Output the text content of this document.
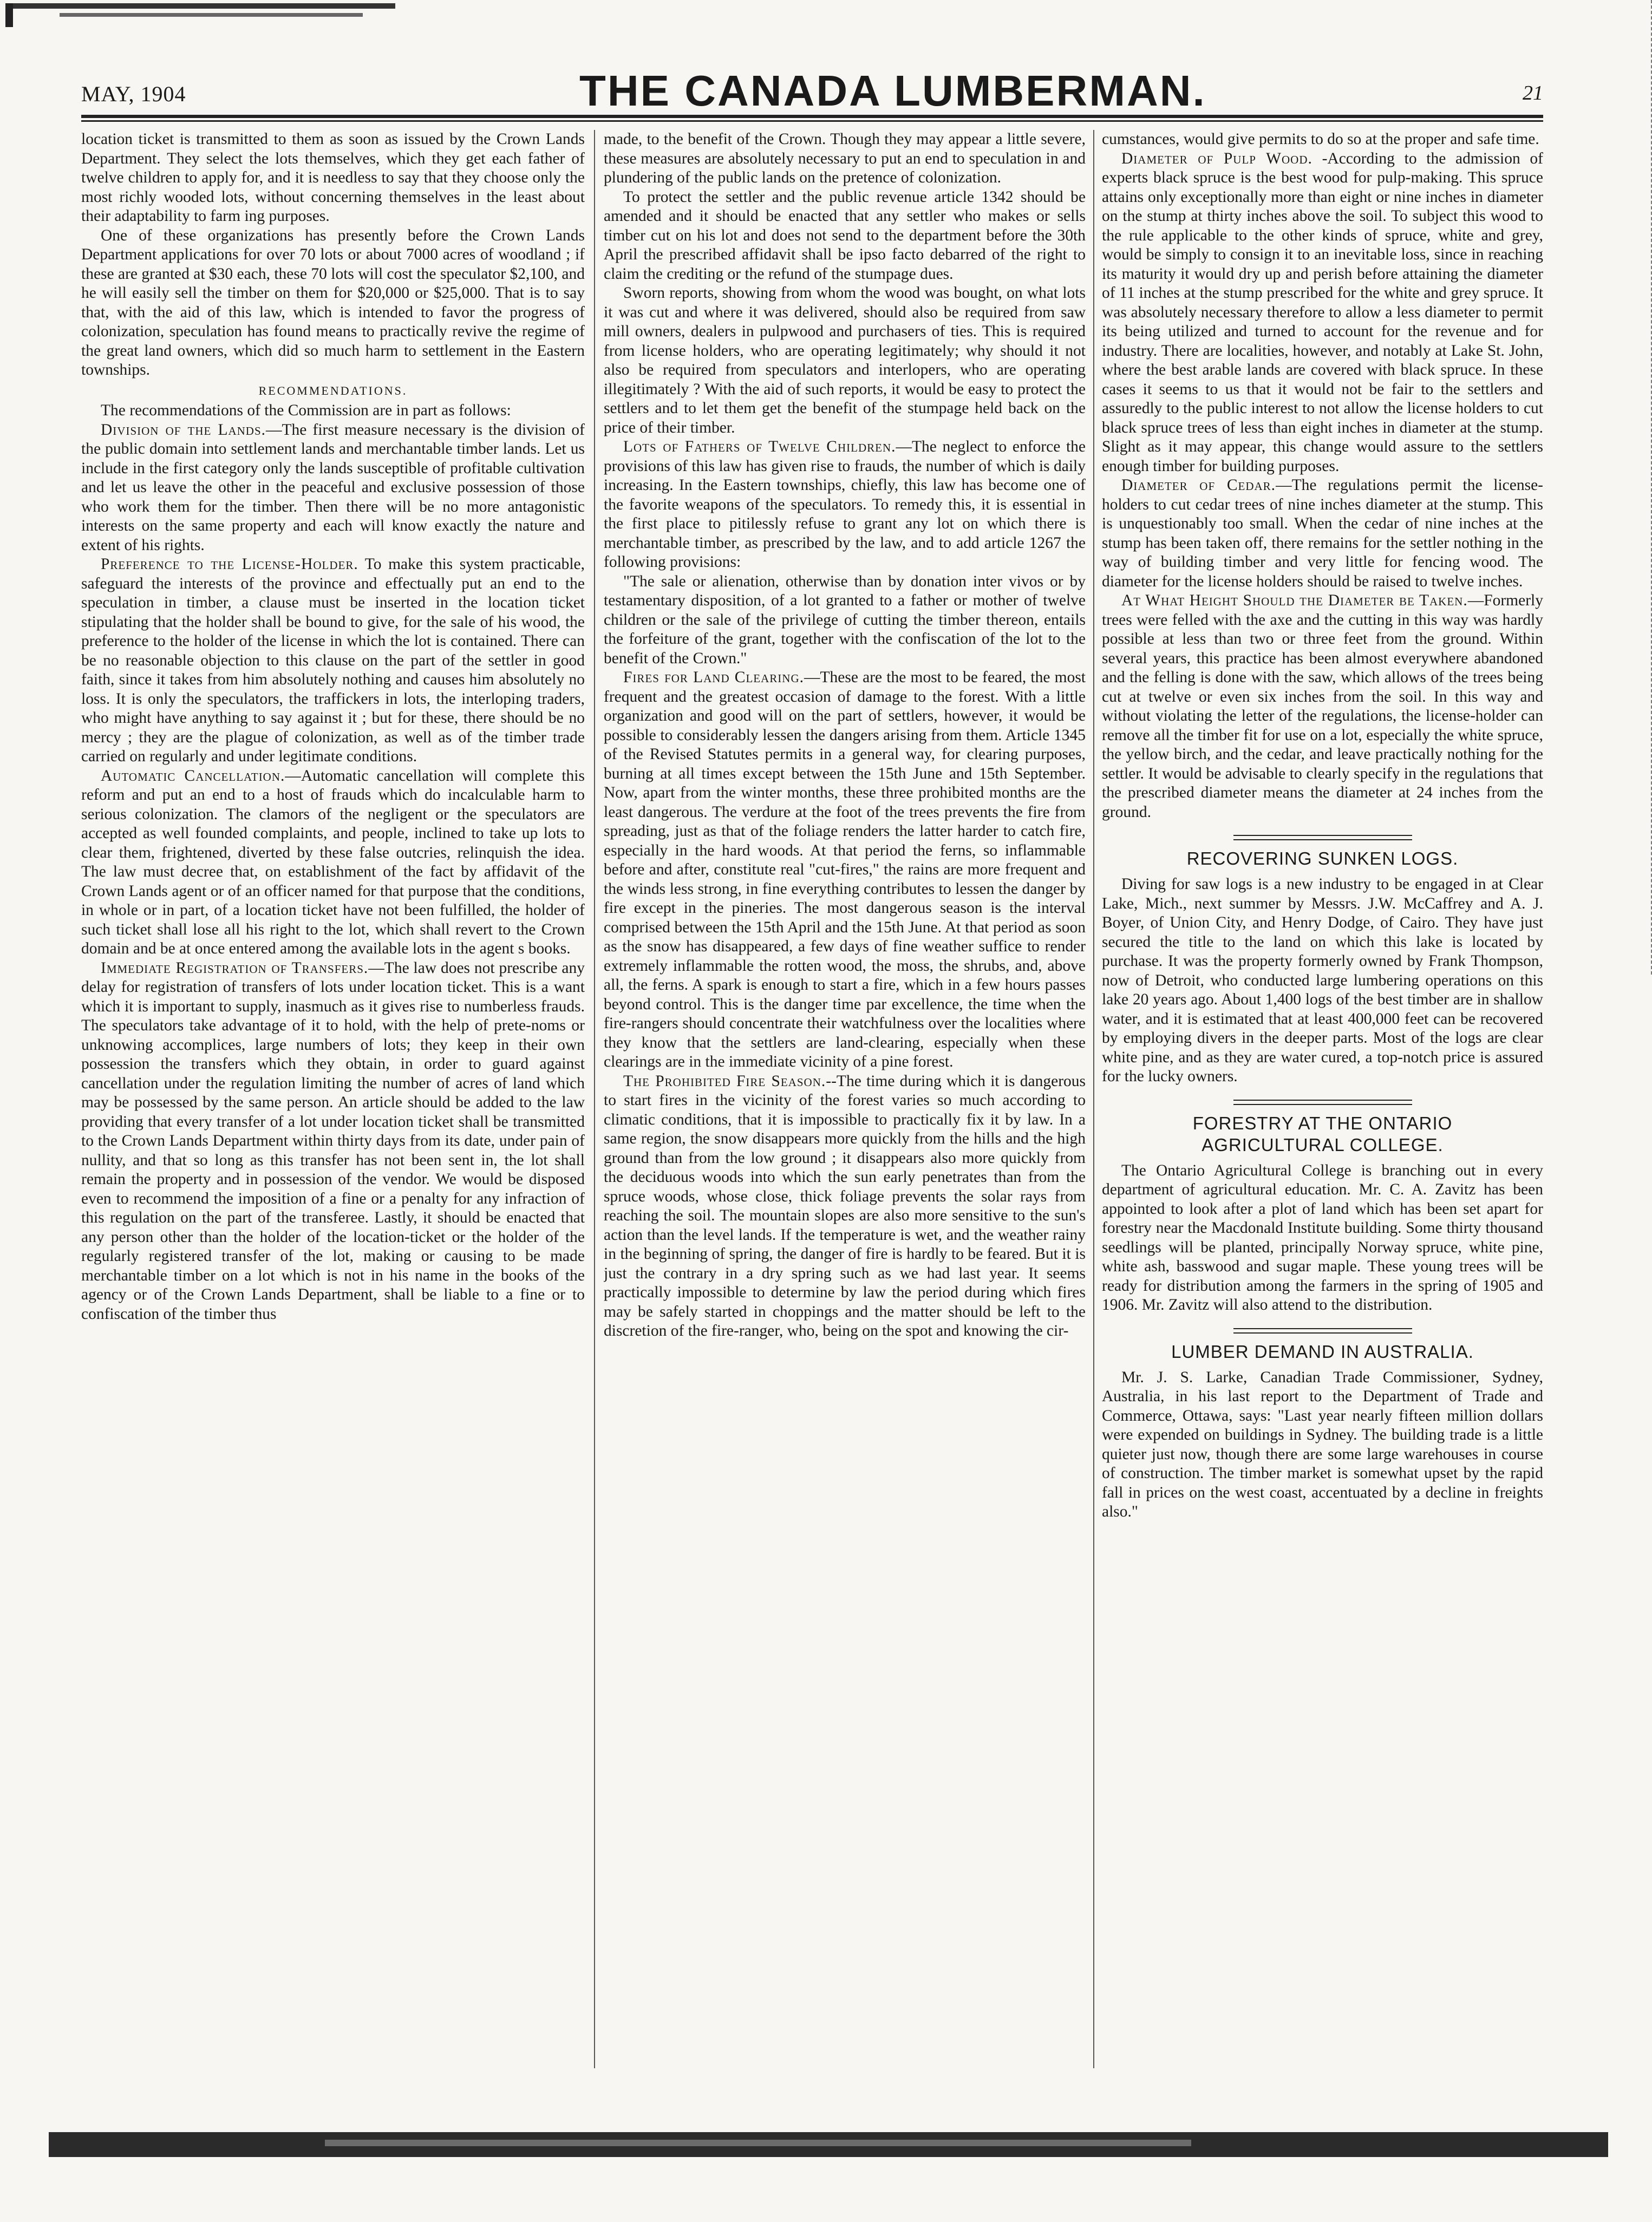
MAY, 1904	THE CANADA LUMBERMAN.	21

location ticket is transmitted to them as soon as issued by the Crown Lands Department. They select the lots themselves, which they get each father of twelve children to apply for, and it is needless to say that they choose only the most richly wooded lots, without concerning themselves in the least about their adaptability to farm ing purposes.

One of these organizations has presently before the Crown Lands Department applications for over 70 lots or about 7000 acres of woodland ; if these are granted at $30 each, these 70 lots will cost the speculator $2,100, and he will easily sell the timber on them for $20,000 or $25,000. That is to say that, with the aid of this law, which is intended to favor the progress of colonization, speculation has found means to practically revive the regime of the great land owners, which did so much harm to settlement in the Eastern townships.

RECOMMENDATIONS.

The recommendations of the Commission are in part as follows:

Division of the Lands.—The first measure necessary is the division of the public domain into settlement lands and merchantable timber lands. Let us include in the first category only the lands susceptible of profitable cultivation and let us leave the other in the peaceful and exclusive possession of those who work them for the timber. Then there will be no more antagonistic interests on the same property and each will know exactly the nature and extent of his rights.

Preference to the License-Holder. To make this system practicable, safeguard the interests of the province and effectually put an end to the speculation in timber, a clause must be inserted in the location ticket stipulating that the holder shall be bound to give, for the sale of his wood, the preference to the holder of the license in which the lot is contained. There can be no reasonable objection to this clause on the part of the settler in good faith, since it takes from him absolutely nothing and causes him absolutely no loss. It is only the speculators, the traffickers in lots, the interloping traders, who might have anything to say against it ; but for these, there should be no mercy ; they are the plague of colonization, as well as of the timber trade carried on regularly and under legitimate conditions.

Automatic Cancellation.—Automatic cancellation will complete this reform and put an end to a host of frauds which do incalculable harm to serious colonization. The clamors of the negligent or the speculators are accepted as well founded complaints, and people, inclined to take up lots to clear them, frightened, diverted by these false outcries, relinquish the idea. The law must decree that, on establishment of the fact by affidavit of the Crown Lands agent or of an officer named for that purpose that the conditions, in whole or in part, of a location ticket have not been fulfilled, the holder of such ticket shall lose all his right to the lot, which shall revert to the Crown domain and be at once entered among the available lots in the agent s books.

Immediate Registration of Transfers.—The law does not prescribe any delay for registration of transfers of lots under location ticket. This is a want which it is important to supply, inasmuch as it gives rise to numberless frauds. The speculators take advantage of it to hold, with the help of prete-noms or unknowing accomplices, large numbers of lots; they keep in their own possession the transfers which they obtain, in order to guard against cancellation under the regulation limiting the number of acres of land which may be possessed by the same person. An article should be added to the law providing that every transfer of a lot under location ticket shall be transmitted to the Crown Lands Department within thirty days from its date, under pain of nullity, and that so long as this transfer has not been sent in, the lot shall remain the property and in possession of the vendor. We would be disposed even to recommend the imposition of a fine or a penalty for any infraction of this regulation on the part of the transferee. Lastly, it should be enacted that any person other than the holder of the location-ticket or the holder of the regularly registered transfer of the lot, making or causing to be made merchantable timber on a lot which is not in his name in the books of the agency or of the Crown Lands Department, shall be liable to a fine or to confiscation of the timber thus

made, to the benefit of the Crown. Though they may appear a little severe, these measures are absolutely necessary to put an end to speculation in and plundering of the public lands on the pretence of colonization.

To protect the settler and the public revenue article 1342 should be amended and it should be enacted that any settler who makes or sells timber cut on his lot and does not send to the department before the 30th April the prescribed affidavit shall be ipso facto debarred of the right to claim the crediting or the refund of the stumpage dues.

Sworn reports, showing from whom the wood was bought, on what lots it was cut and where it was delivered, should also be required from saw mill owners, dealers in pulpwood and purchasers of ties. This is required from license holders, who are operating legitimately; why should it not also be required from speculators and interlopers, who are operating illegitimately ? With the aid of such reports, it would be easy to protect the settlers and to let them get the benefit of the stumpage held back on the price of their timber.

Lots of Fathers of Twelve Children.—The neglect to enforce the provisions of this law has given rise to frauds, the number of which is daily increasing. In the Eastern townships, chiefly, this law has become one of the favorite weapons of the speculators. To remedy this, it is essential in the first place to pitilessly refuse to grant any lot on which there is merchantable timber, as prescribed by the law, and to add article 1267 the following provisions:

"The sale or alienation, otherwise than by donation inter vivos or by testamentary disposition, of a lot granted to a father or mother of twelve children or the sale of the privilege of cutting the timber thereon, entails the forfeiture of the grant, together with the confiscation of the lot to the benefit of the Crown."

Fires for Land Clearing.—These are the most to be feared, the most frequent and the greatest occasion of damage to the forest. With a little organization and good will on the part of settlers, however, it would be possible to considerably lessen the dangers arising from them. Article 1345 of the Revised Statutes permits in a general way, for clearing purposes, burning at all times except between the 15th June and 15th September. Now, apart from the winter months, these three prohibited months are the least dangerous. The verdure at the foot of the trees prevents the fire from spreading, just as that of the foliage renders the latter harder to catch fire, especially in the hard woods. At that period the ferns, so inflammable before and after, constitute real "cut-fires," the rains are more frequent and the winds less strong, in fine everything contributes to lessen the danger by fire except in the pineries. The most dangerous season is the interval comprised between the 15th April and the 15th June. At that period as soon as the snow has disappeared, a few days of fine weather suffice to render extremely inflammable the rotten wood, the moss, the shrubs, and, above all, the ferns. A spark is enough to start a fire, which in a few hours passes beyond control. This is the danger time par excellence, the time when the fire-rangers should concentrate their watchfulness over the localities where they know that the settlers are land-clearing, especially when these clearings are in the immediate vicinity of a pine forest.

The Prohibited Fire Season.--The time during which it is dangerous to start fires in the vicinity of the forest varies so much according to climatic conditions, that it is impossible to practically fix it by law. In a same region, the snow disappears more quickly from the hills and the high ground than from the low ground ; it disappears also more quickly from the deciduous woods into which the sun early penetrates than from the spruce woods, whose close, thick foliage prevents the solar rays from reaching the soil. The mountain slopes are also more sensitive to the sun's action than the level lands. If the temperature is wet, and the weather rainy in the beginning of spring, the danger of fire is hardly to be feared. But it is just the contrary in a dry spring such as we had last year. It seems practically impossible to determine by law the period during which fires may be safely started in choppings and the matter should be left to the discretion of the fire-ranger, who, being on the spot and knowing the cir-

cumstances, would give permits to do so at the proper and safe time.

Diameter of Pulp Wood. -According to the admission of experts black spruce is the best wood for pulp-making. This spruce attains only exceptionally more than eight or nine inches in diameter on the stump at thirty inches above the soil. To subject this wood to the rule applicable to the other kinds of spruce, white and grey, would be simply to consign it to an inevitable loss, since in reaching its maturity it would dry up and perish before attaining the diameter of 11 inches at the stump prescribed for the white and grey spruce. It was absolutely necessary therefore to allow a less diameter to permit its being utilized and turned to account for the revenue and for industry. There are localities, however, and notably at Lake St. John, where the best arable lands are covered with black spruce. In these cases it seems to us that it would not be fair to the settlers and assuredly to the public interest to not allow the license holders to cut black spruce trees of less than eight inches in diameter at the stump. Slight as it may appear, this change would assure to the settlers enough timber for building purposes.

Diameter of Cedar.—The regulations permit the license-holders to cut cedar trees of nine inches diameter at the stump. This is unquestionably too small. When the cedar of nine inches at the stump has been taken off, there remains for the settler nothing in the way of building timber and very little for fencing wood. The diameter for the license holders should be raised to twelve inches.

At What Height Should the Diameter be Taken.—Formerly trees were felled with the axe and the cutting in this way was hardly possible at less than two or three feet from the ground. Within several years, this practice has been almost everywhere abandoned and the felling is done with the saw, which allows of the trees being cut at twelve or even six inches from the soil. In this way and without violating the letter of the regulations, the license-holder can remove all the timber fit for use on a lot, especially the white spruce, the yellow birch, and the cedar, and leave practically nothing for the settler. It would be advisable to clearly specify in the regulations that the prescribed diameter means the diameter at 24 inches from the ground.

RECOVERING SUNKEN LOGS.

Diving for saw logs is a new industry to be engaged in at Clear Lake, Mich., next summer by Messrs. J.W. McCaffrey and A. J. Boyer, of Union City, and Henry Dodge, of Cairo. They have just secured the title to the land on which this lake is located by purchase. It was the property formerly owned by Frank Thompson, now of Detroit, who conducted large lumbering operations on this lake 20 years ago. About 1,400 logs of the best timber are in shallow water, and it is estimated that at least 400,000 feet can be recovered by employing divers in the deeper parts. Most of the logs are clear white pine, and as they are water cured, a top-notch price is assured for the lucky owners.

FORESTRY AT THE ONTARIO
AGRICULTURAL COLLEGE.

The Ontario Agricultural College is branching out in every department of agricultural education. Mr. C. A. Zavitz has been appointed to look after a plot of land which has been set apart for forestry near the Macdonald Institute building. Some thirty thousand seedlings will be planted, principally Norway spruce, white pine, white ash, basswood and sugar maple. These young trees will be ready for distribution among the farmers in the spring of 1905 and 1906. Mr. Zavitz will also attend to the distribution.

LUMBER DEMAND IN AUSTRALIA.

Mr. J. S. Larke, Canadian Trade Commissioner, Sydney, Australia, in his last report to the Department of Trade and Commerce, Ottawa, says: "Last year nearly fifteen million dollars were expended on buildings in Sydney. The building trade is a little quieter just now, though there are some large warehouses in course of construction. The timber market is somewhat upset by the rapid fall in prices on the west coast, accentuated by a decline in freights also."
